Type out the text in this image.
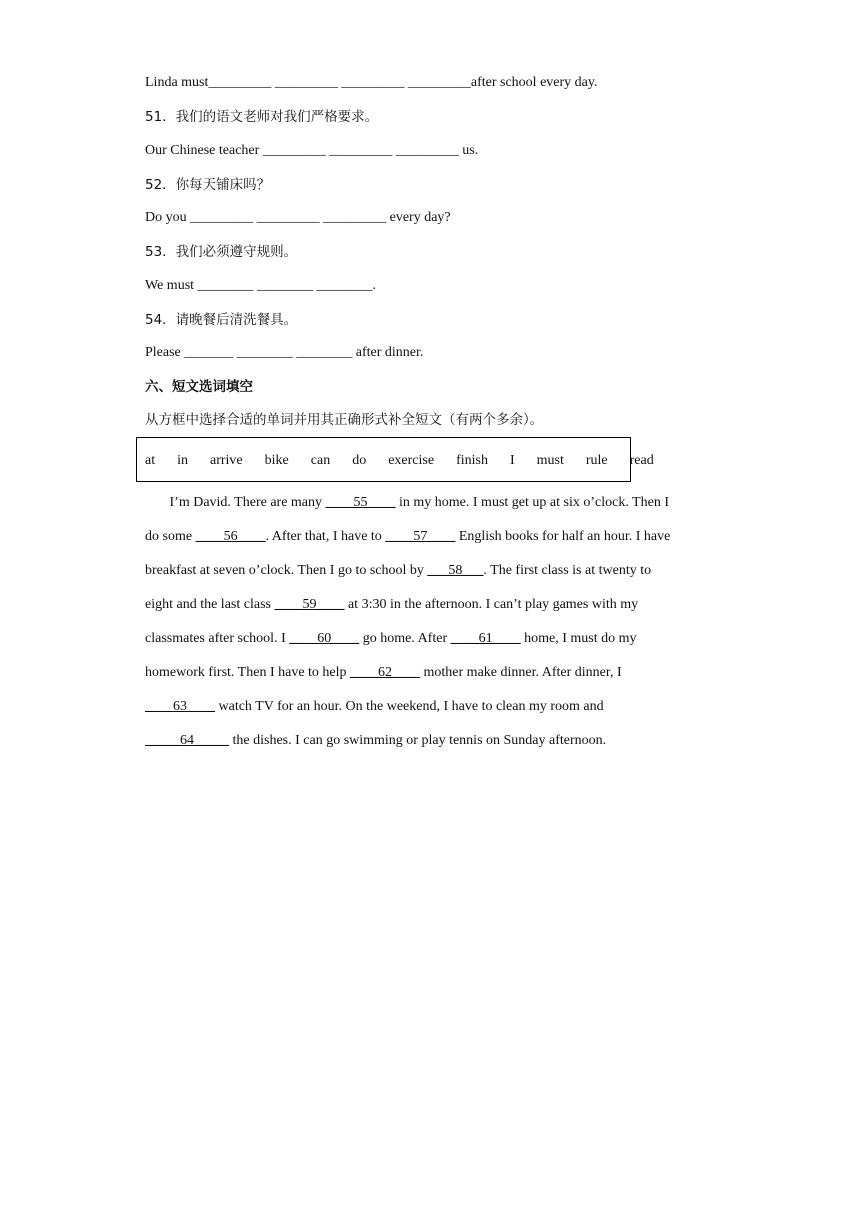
Linda must_________ _________ _________ _________after school every day.
51．我们的语文老师对我们严格要求。
Our Chinese teacher _________ _________ _________ us.
52．你每天铺床吗？
Do you _________ _________ _________ every day?
53．我们必须遵守规则。
We must ________ ________ ________.
54．请晚餐后清洗餐具。
Please _______ ________ ________ after dinner.
六、短文选词填空
从方框中选择合适的单词并用其正确形式补全短文（有两个多余）。
at in arrive bike can do exercise finish I must rule read
I’m David. There are many ____55____ in my home. I must get up at six o’clock. Then I
do some ____56____. After that, I have to ____57____ English books for half an hour. I have
breakfast at seven o’clock. Then I go to school by ___58___. The first class is at twenty to
eight and the last class ____59____ at 3:30 in the afternoon. I can’t play games with my
classmates after school. I ____60____ go home. After ____61____ home, I must do my
homework first. Then I have to help ____62____ mother make dinner. After dinner, I
____63____ watch TV for an hour. On the weekend, I have to clean my room and
_____64_____ the dishes. I can go swimming or play tennis on Sunday afternoon.
